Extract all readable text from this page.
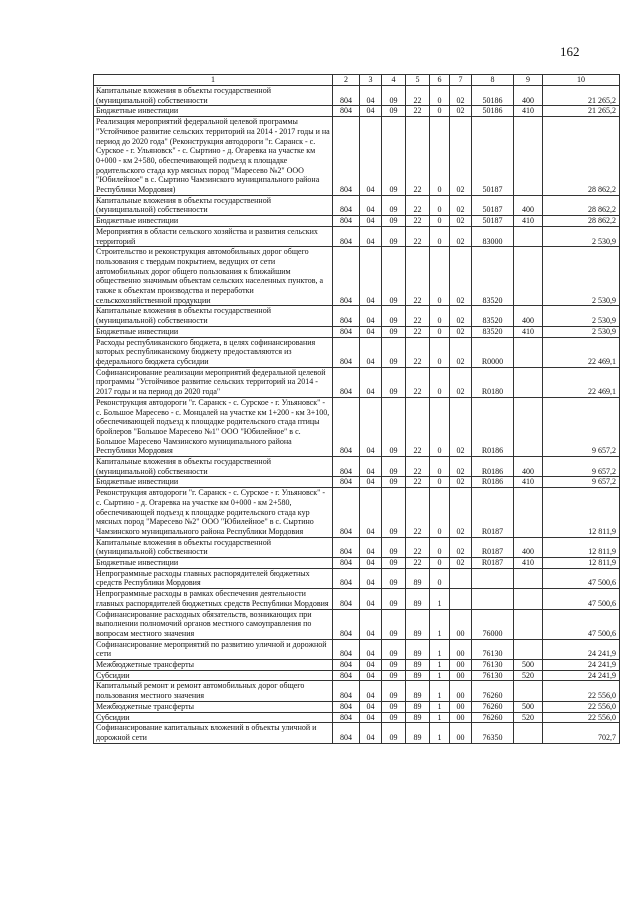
162
1	2	3	4	5	6	7	8	9	10
Капитальные вложения в объекты государственной (муниципальной) собственности	804	04	09	22	0	02	50186	400	21 265,2
Бюджетные инвестиции	804	04	09	22	0	02	50186	410	21 265,2
Реализация мероприятий федеральной целевой программы "Устойчивое развитие сельских территорий на 2014 - 2017 годы и на период до 2020 года" (Реконструкция автодороги "г. Саранск - с. Сурское - г. Ульяновск" - с. Сыртино - д. Огаревка на участке км 0+000 - км 2+580, обеспечивающей подъезд к площадке родительского стада кур мясных пород "Маресево №2" ООО "Юбилейное" в с. Сыртино Чамзинского муниципального района Республики Мордовия)	804	04	09	22	0	02	50187		28 862,2
Капитальные вложения в объекты государственной (муниципальной) собственности	804	04	09	22	0	02	50187	400	28 862,2
Бюджетные инвестиции	804	04	09	22	0	02	50187	410	28 862,2
Мероприятия в области сельского хозяйства и развития сельских территорий	804	04	09	22	0	02	83000		2 530,9
Строительство и реконструкция автомобильных дорог общего пользования с твердым покрытием, ведущих от сети автомобильных дорог общего пользования к ближайшим общественно значимым объектам сельских населенных пунктов, а также к объектам производства и переработки сельскохозяйственной продукции	804	04	09	22	0	02	83520		2 530,9
Капитальные вложения в объекты государственной (муниципальной) собственности	804	04	09	22	0	02	83520	400	2 530,9
Бюджетные инвестиции	804	04	09	22	0	02	83520	410	2 530,9
Расходы республиканского бюджета, в целях софинансирования которых республиканскому бюджету предоставляются из федерального бюджета субсидии	804	04	09	22	0	02	R0000		22 469,1
Софинансирование реализации мероприятий федеральной целевой программы "Устойчивое развитие сельских территорий на 2014 - 2017 годы и на период до 2020 года"	804	04	09	22	0	02	R0180		22 469,1
Реконструкция автодороги "г. Саранск - с. Сурское - г. Ульяновск" - с. Большое Маресево - с. Монцалей на участке км 1+200 - км 3+100, обеспечивающей подъезд к площадке родительского стада птицы бройлеров "Большое Маресево №1" ООО "Юбилейное" в с. Большое Маресево Чамзинского муниципального района Республики Мордовия	804	04	09	22	0	02	R0186		9 657,2
Капитальные вложения в объекты государственной (муниципальной) собственности	804	04	09	22	0	02	R0186	400	9 657,2
Бюджетные инвестиции	804	04	09	22	0	02	R0186	410	9 657,2
Реконструкция автодороги "г. Саранск - с. Сурское - г. Ульяновск" - с. Сыртино - д. Огаревка на участке км 0+000 - км 2+580, обеспечивающей подъезд к площадке родительского стада кур мясных пород "Маресево №2" ООО "Юбилейное" в с. Сыртино Чамзинского муниципального района Республики Мордовия	804	04	09	22	0	02	R0187		12 811,9
Капитальные вложения в объекты государственной (муниципальной) собственности	804	04	09	22	0	02	R0187	400	12 811,9
Бюджетные инвестиции	804	04	09	22	0	02	R0187	410	12 811,9
Непрограммные расходы главных распорядителей бюджетных средств Республики Мордовия	804	04	09	89	0				47 500,6
Непрограммные расходы в рамках обеспечения деятельности главных распорядителей бюджетных средств Республики Мордовия	804	04	09	89	1				47 500,6
Софинансирование расходных обязательств, возникающих при выполнении полномочий органов местного самоуправления по вопросам местного значения	804	04	09	89	1	00	76000		47 500,6
Софинансирование мероприятий по развитию уличной и дорожной сети	804	04	09	89	1	00	76130		24 241,9
Межбюджетные трансферты	804	04	09	89	1	00	76130	500	24 241,9
Субсидии	804	04	09	89	1	00	76130	520	24 241,9
Капитальный ремонт и ремонт автомобильных дорог общего пользования местного значения	804	04	09	89	1	00	76260		22 556,0
Межбюджетные трансферты	804	04	09	89	1	00	76260	500	22 556,0
Субсидии	804	04	09	89	1	00	76260	520	22 556,0
Софинансирование капитальных вложений в объекты уличной и дорожной сети	804	04	09	89	1	00	76350		702,7
